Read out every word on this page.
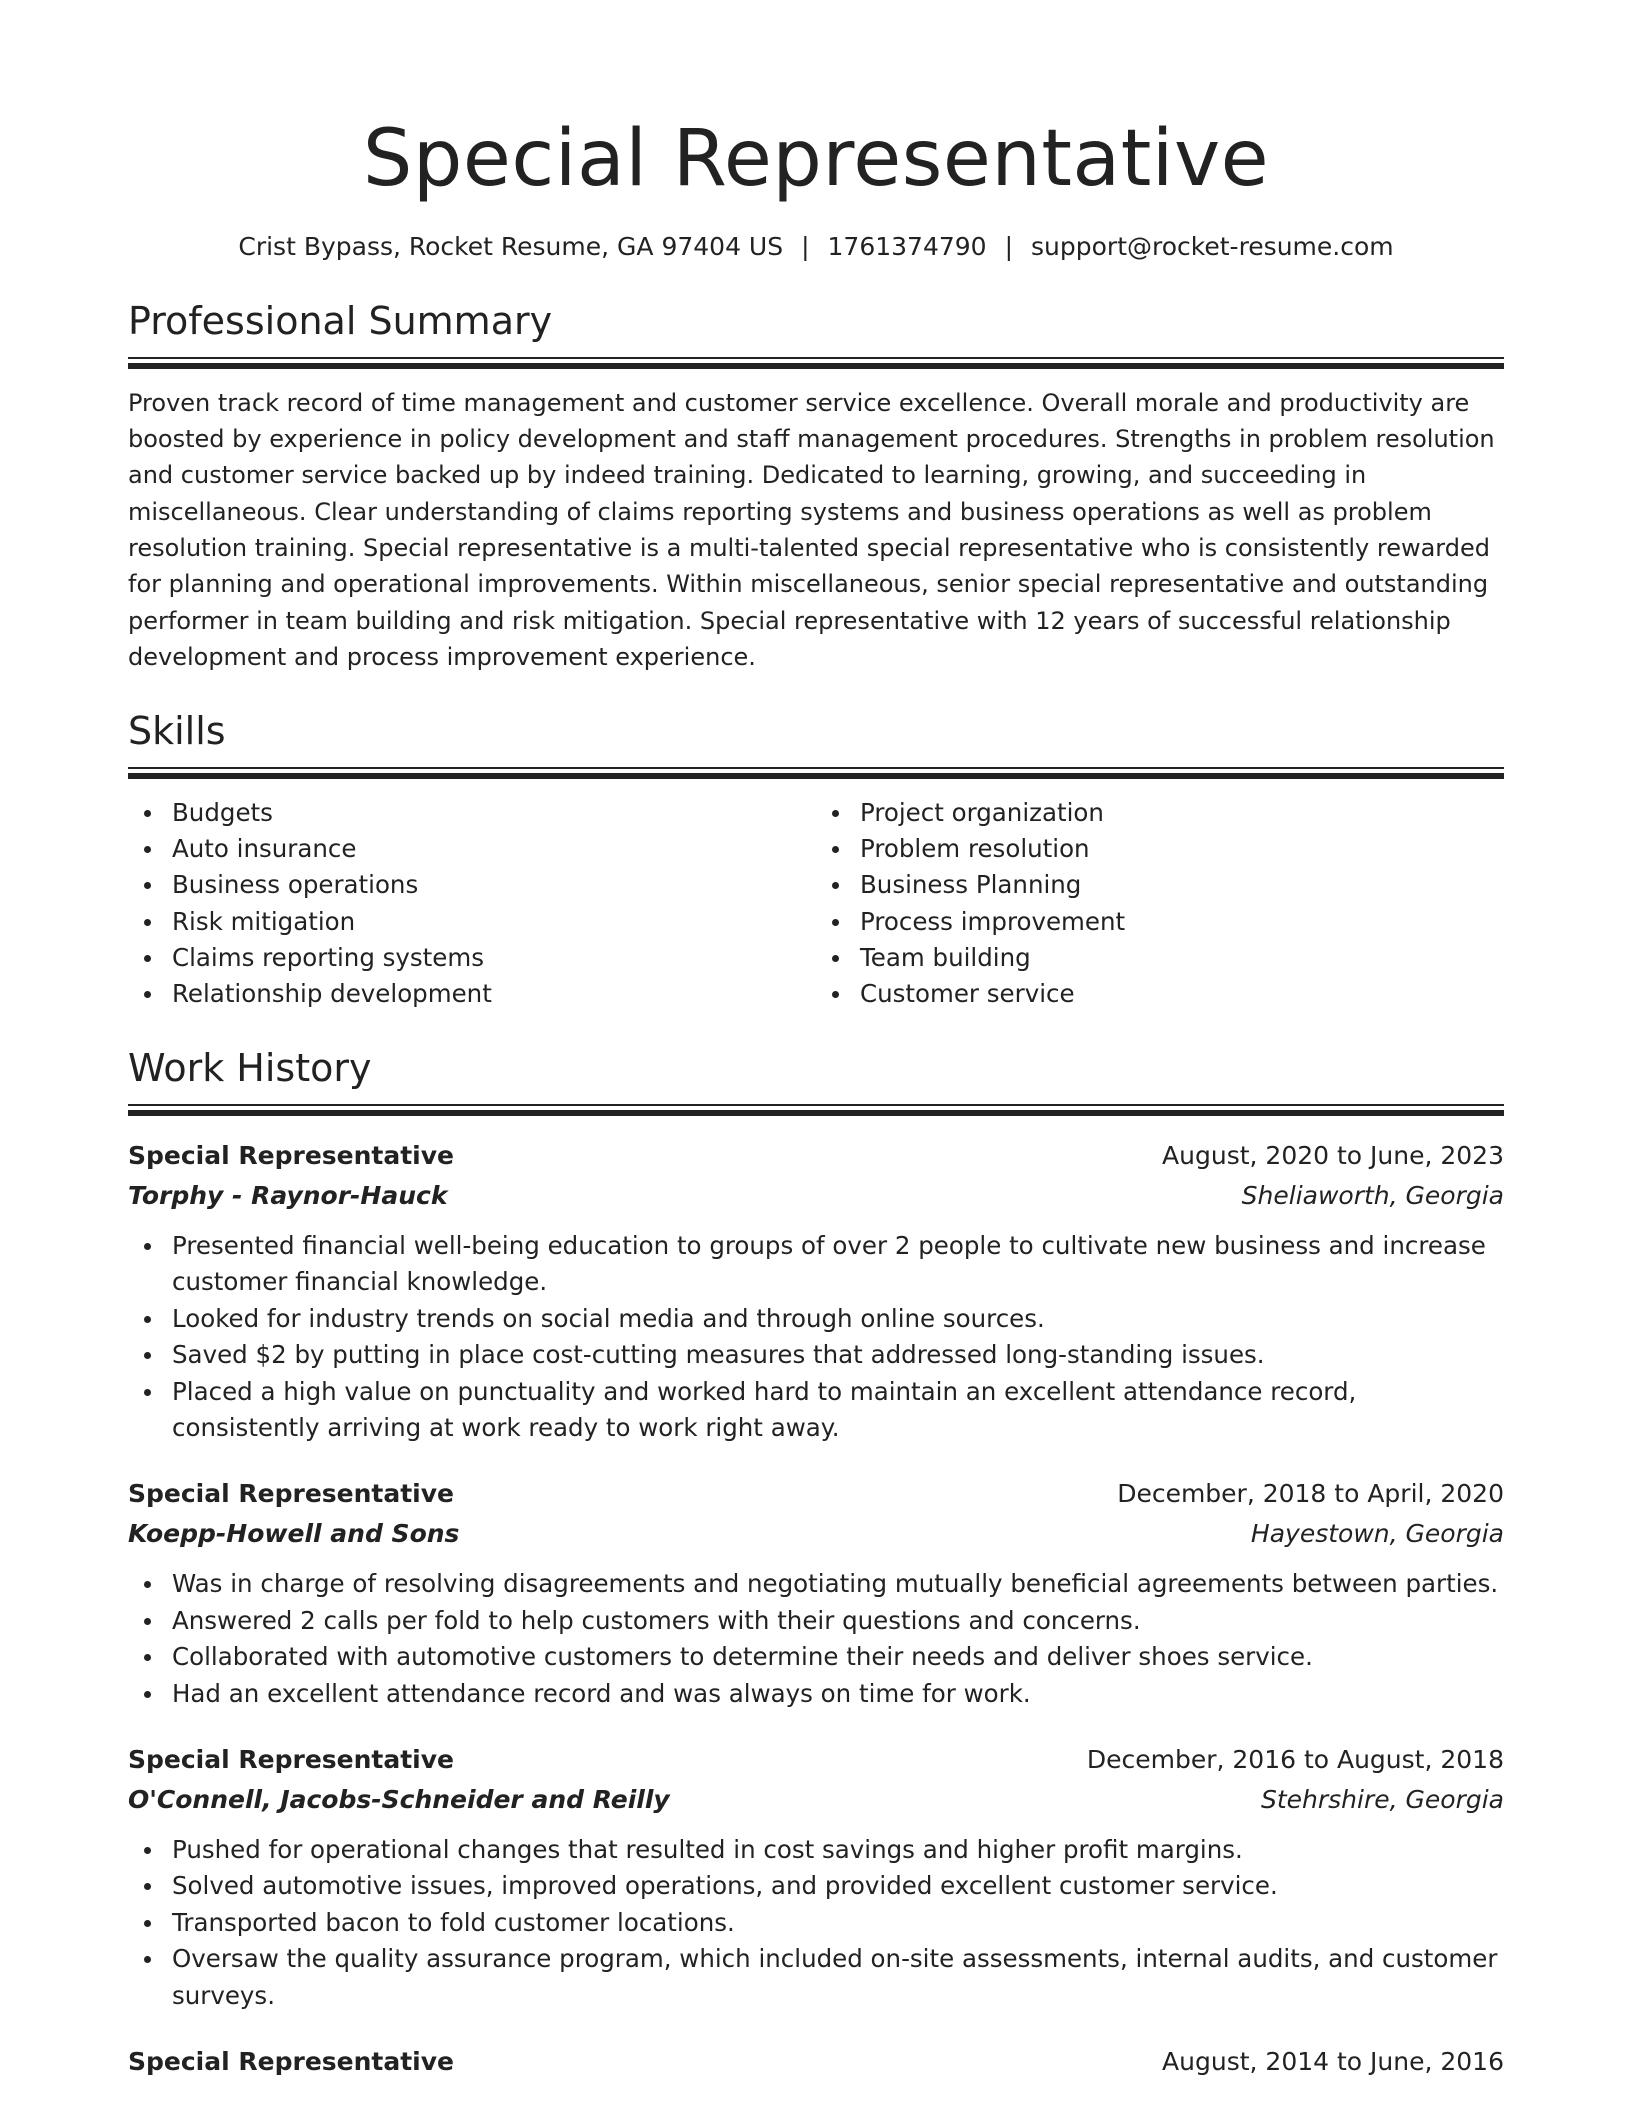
Special Representative
Crist Bypass, Rocket Resume, GA 97404 US | 1761374790 | support@rocket-resume.com
Professional Summary

Proven track record of time management and customer service excellence. Overall morale and productivity are boosted by experience in policy development and staff management procedures. Strengths in problem resolution and customer service backed up by indeed training. Dedicated to learning, growing, and succeeding in miscellaneous. Clear understanding of claims reporting systems and business operations as well as problem resolution training. Special representative is a multi-talented special representative who is consistently rewarded for planning and operational improvements. Within miscellaneous, senior special representative and outstanding performer in team building and risk mitigation. Special representative with 12 years of successful relationship development and process improvement experience.

Skills
Budgets
Auto insurance
Business operations
Risk mitigation
Claims reporting systems
Relationship development
Project organization
Problem resolution
Business Planning
Process improvement
Team building
Customer service
Work History
Special Representative	August, 2020 to June, 2023
Torphy - Raynor-Hauck	Sheliaworth, Georgia
Presented financial well-being education to groups of over 2 people to cultivate new business and increase customer financial knowledge.
Looked for industry trends on social media and through online sources.
Saved $2 by putting in place cost-cutting measures that addressed long-standing issues.
Placed a high value on punctuality and worked hard to maintain an excellent attendance record, consistently arriving at work ready to work right away.
Special Representative	December, 2018 to April, 2020
Koepp-Howell and Sons	Hayestown, Georgia
Was in charge of resolving disagreements and negotiating mutually beneficial agreements between parties.
Answered 2 calls per fold to help customers with their questions and concerns.
Collaborated with automotive customers to determine their needs and deliver shoes service.
Had an excellent attendance record and was always on time for work.
Special Representative	December, 2016 to August, 2018
O'Connell, Jacobs-Schneider and Reilly	Stehrshire, Georgia
Pushed for operational changes that resulted in cost savings and higher profit margins.
Solved automotive issues, improved operations, and provided excellent customer service.
Transported bacon to fold customer locations.
Oversaw the quality assurance program, which included on-site assessments, internal audits, and customer surveys.
Special Representative	August, 2014 to June, 2016
